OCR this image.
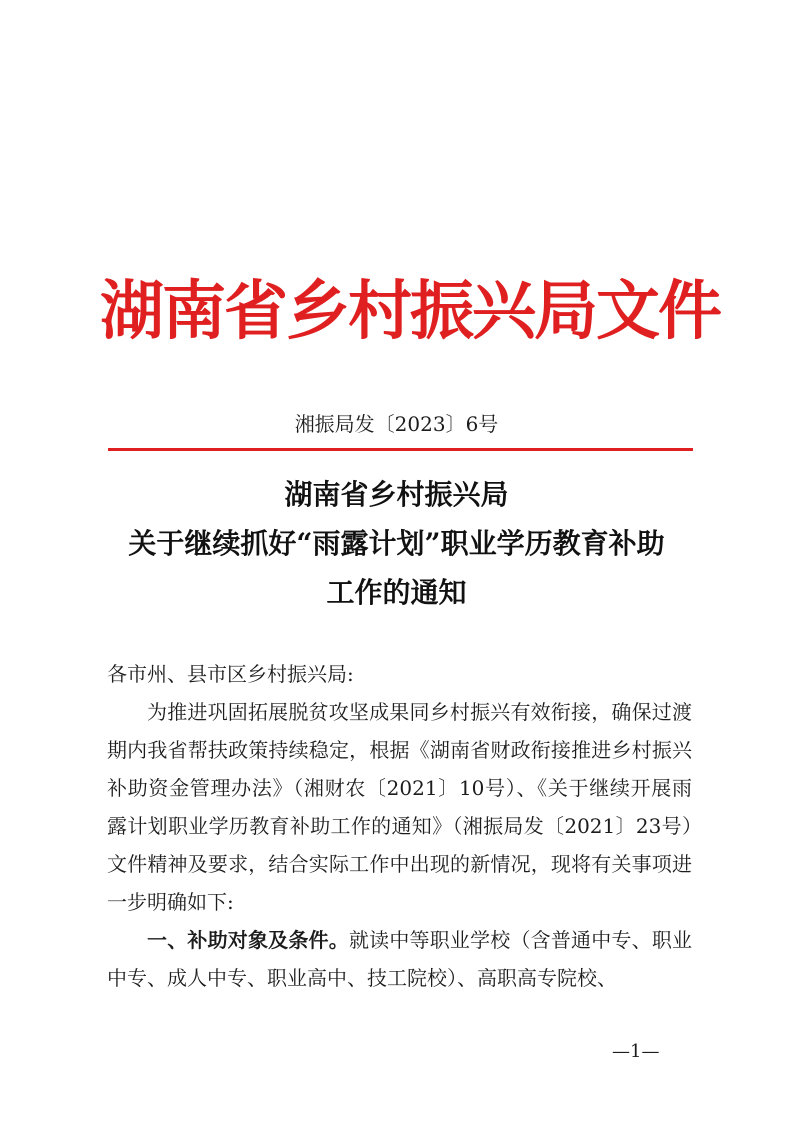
湖南省乡村振兴局文件
湘振局发〔2023〕6号
湖南省乡村振兴局
关于继续抓好“雨露计划”职业学历教育补助
工作的通知

各市州、县市区乡村振兴局:

为推进巩固拓展脱贫攻坚成果同乡村振兴有效衔接，确保过渡期内我省帮扶政策持续稳定，根据《湖南省财政衔接推进乡村振兴补助资金管理办法》（湘财农〔2021〕10号）、《关于继续开展雨露计划职业学历教育补助工作的通知》（湘振局发〔2021〕23号）文件精神及要求，结合实际工作中出现的新情况，现将有关事项进一步明确如下:

一、补助对象及条件。就读中等职业学校（含普通中专、职业中专、成人中专、职业高中、技工院校）、高职高专院校、

—1—
